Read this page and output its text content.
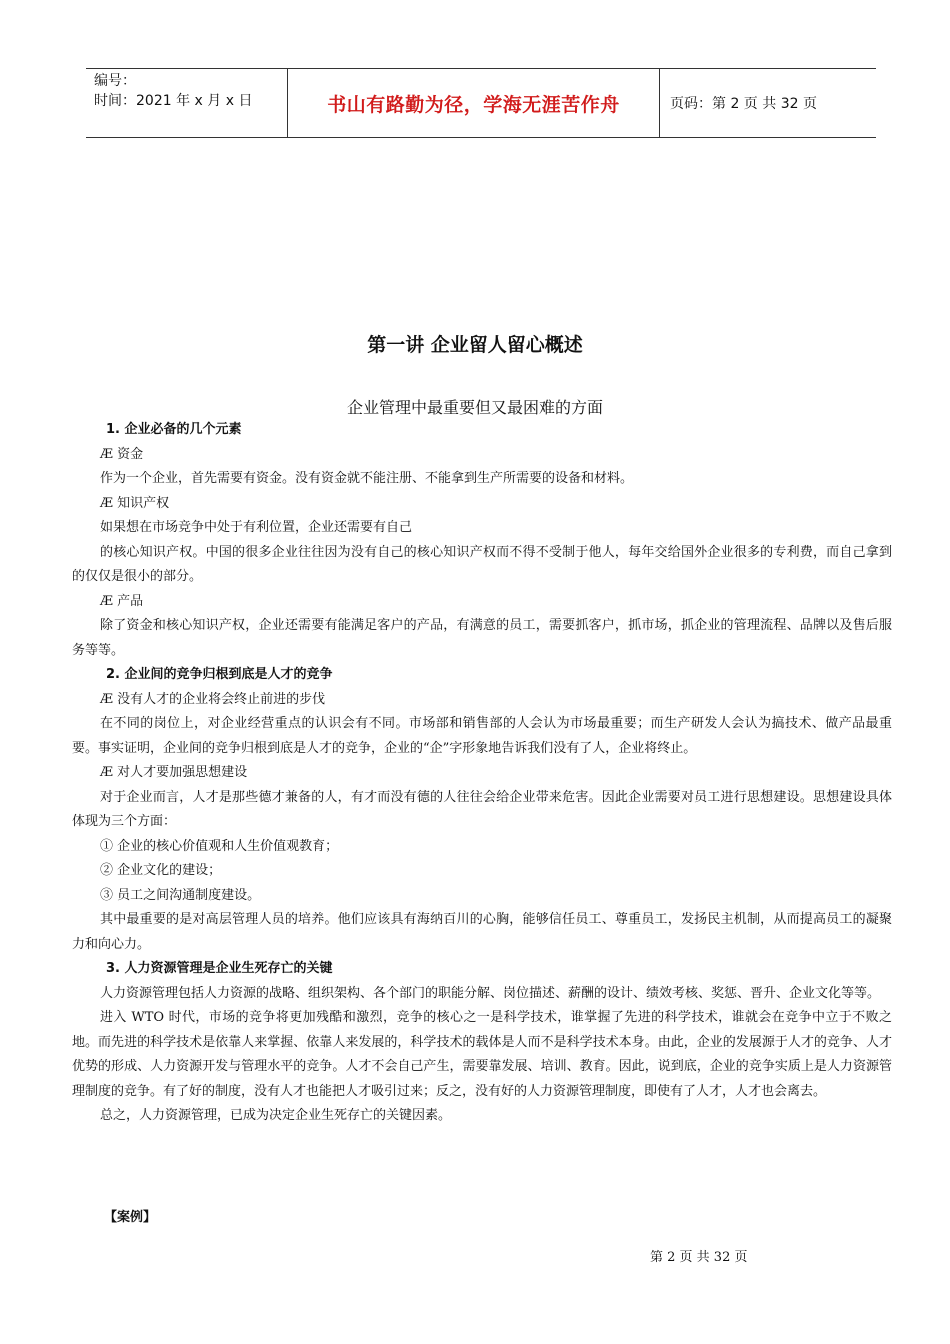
编号：
时间：2021 年 x 月 x 日	书山有路勤为径，学海无涯苦作舟	页码：第 2 页 共 32 页
第一讲 企业留人留心概述
企业管理中最重要但又最困难的方面

1. 企业必备的几个元素

Æ 资金

作为一个企业，首先需要有资金。没有资金就不能注册、不能拿到生产所需要的设备和材料。

Æ 知识产权

如果想在市场竞争中处于有利位置，企业还需要有自己

的核心知识产权。中国的很多企业往往因为没有自己的核心知识产权而不得不受制于他人，每年交给国外企业很多的专利费，而自己拿到的仅仅是很小的部分。

Æ 产品

除了资金和核心知识产权，企业还需要有能满足客户的产品，有满意的员工，需要抓客户，抓市场，抓企业的管理流程、品牌以及售后服务等等。

2. 企业间的竞争归根到底是人才的竞争

Æ 没有人才的企业将会终止前进的步伐

在不同的岗位上，对企业经营重点的认识会有不同。市场部和销售部的人会认为市场最重要；而生产研发人会认为搞技术、做产品最重要。事实证明，企业间的竞争归根到底是人才的竞争，企业的“企”字形象地告诉我们没有了人，企业将终止。

Æ 对人才要加强思想建设

对于企业而言，人才是那些德才兼备的人，有才而没有德的人往往会给企业带来危害。因此企业需要对员工进行思想建设。思想建设具体体现为三个方面：

① 企业的核心价值观和人生价值观教育；

② 企业文化的建设；

③ 员工之间沟通制度建设。

其中最重要的是对高层管理人员的培养。他们应该具有海纳百川的心胸，能够信任员工、尊重员工，发扬民主机制，从而提高员工的凝聚力和向心力。

3. 人力资源管理是企业生死存亡的关键

人力资源管理包括人力资源的战略、组织架构、各个部门的职能分解、岗位描述、薪酬的设计、绩效考核、奖惩、晋升、企业文化等等。

进入 WTO 时代，市场的竞争将更加残酷和激烈，竞争的核心之一是科学技术，谁掌握了先进的科学技术，谁就会在竞争中立于不败之地。而先进的科学技术是依靠人来掌握、依靠人来发展的，科学技术的载体是人而不是科学技术本身。由此，企业的发展源于人才的竞争、人才优势的形成、人力资源开发与管理水平的竞争。人才不会自己产生，需要靠发展、培训、教育。因此，说到底，企业的竞争实质上是人力资源管理制度的竞争。有了好的制度，没有人才也能把人才吸引过来；反之，没有好的人力资源管理制度，即使有了人才，人才也会离去。

总之，人力资源管理，已成为决定企业生死存亡的关键因素。

【案例】
第 2 页 共 32 页
